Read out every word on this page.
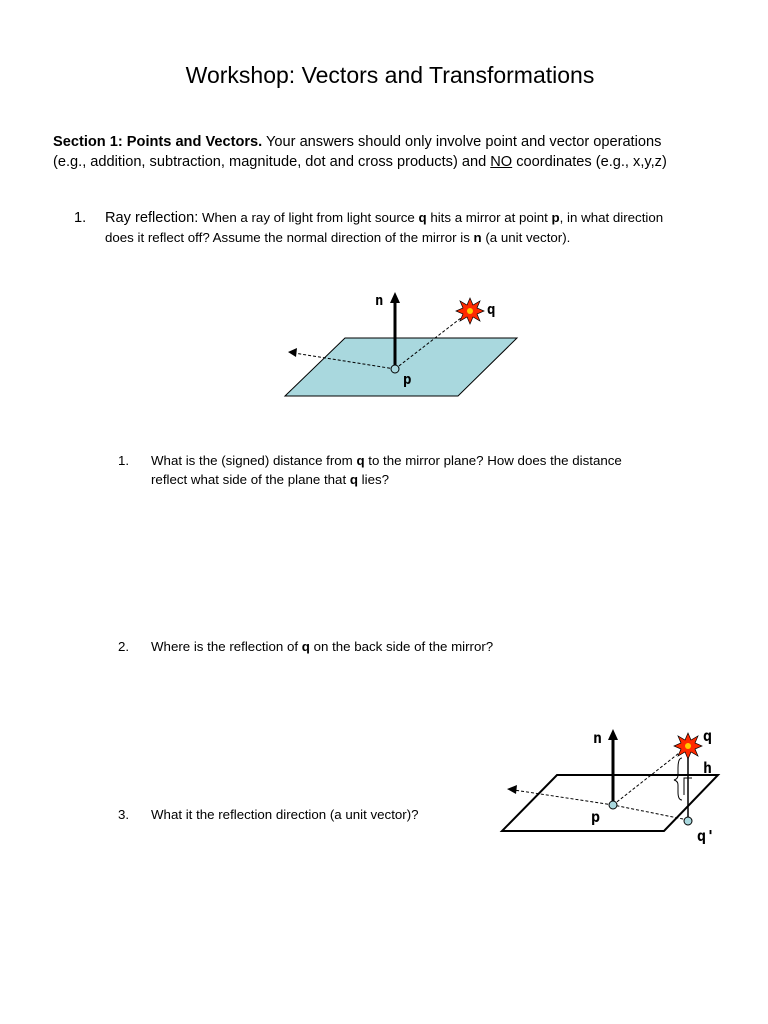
Workshop: Vectors and Transformations
Section 1: Points and Vectors. Your answers should only involve point and vector operations (e.g., addition, subtraction, magnitude, dot and cross products) and NO coordinates (e.g., x,y,z)
1. Ray reflection: When a ray of light from light source q hits a mirror at point p, in what direction does it reflect off? Assume the normal direction of the mirror is n (a unit vector).
n
q
p
1. What is the (signed) distance from q to the mirror plane? How does the distance reflect what side of the plane that q lies?
2. Where is the reflection of q on the back side of the mirror?
3. What it the reflection direction (a unit vector)?
n	q
h
p
q'
